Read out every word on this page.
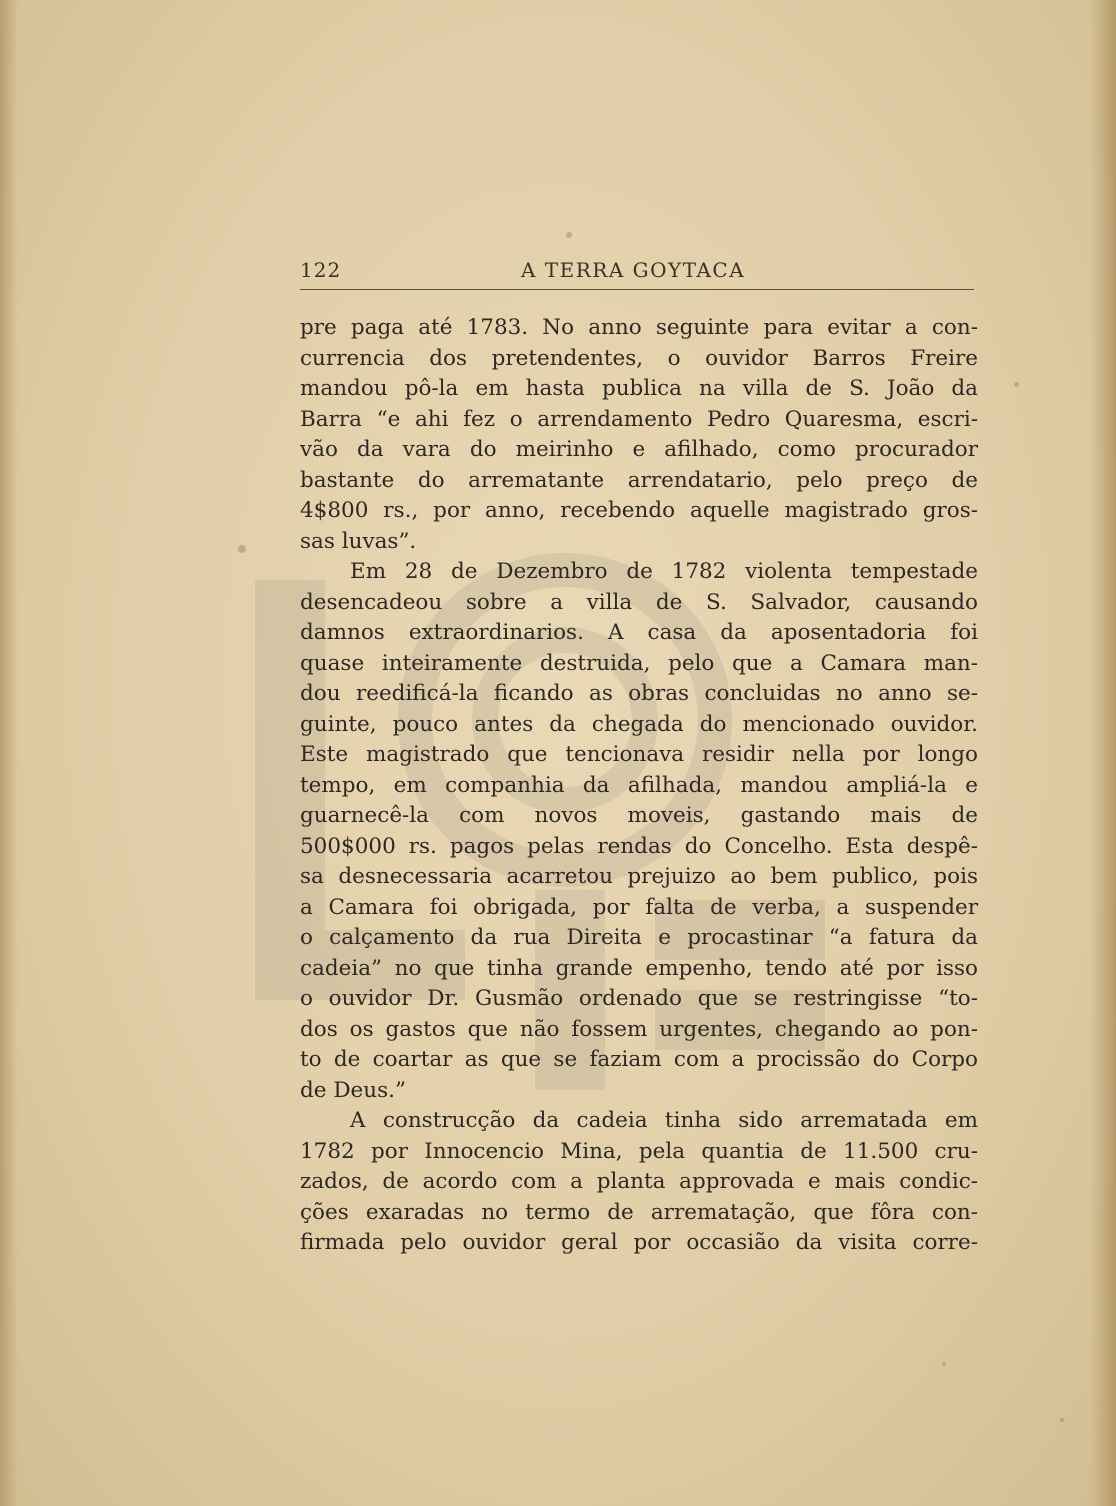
122	A TERRA GOYTACA
pre paga até 1783. No anno seguinte para evitar a con-
currencia dos pretendentes, o ouvidor Barros Freire
mandou pô-la em hasta publica na villa de S. João da
Barra “e ahi fez o arrendamento Pedro Quaresma, escri-
vão da vara do meirinho e afilhado, como procurador
bastante do arrematante arrendatario, pelo preço de
4$800 rs., por anno, recebendo aquelle magistrado gros-
sas luvas”.
Em 28 de Dezembro de 1782 violenta tempestade
desencadeou sobre a villa de S. Salvador, causando
damnos extraordinarios. A casa da aposentadoria foi
quase inteiramente destruida, pelo que a Camara man-
dou reedificá-la ficando as obras concluidas no anno se-
guinte, pouco antes da chegada do mencionado ouvidor.
Este magistrado que tencionava residir nella por longo
tempo, em companhia da afilhada, mandou ampliá-la e
guarnecê-la com novos moveis, gastando mais de
500$000 rs. pagos pelas rendas do Concelho. Esta despê-
sa desnecessaria acarretou prejuizo ao bem publico, pois
a Camara foi obrigada, por falta de verba, a suspender
o calçamento da rua Direita e procastinar “a fatura da
cadeia” no que tinha grande empenho, tendo até por isso
o ouvidor Dr. Gusmão ordenado que se restringisse “to-
dos os gastos que não fossem urgentes, chegando ao pon-
to de coartar as que se faziam com a procissão do Corpo
de Deus.”
A construcção da cadeia tinha sido arrematada em
1782 por Innocencio Mina, pela quantia de 11.500 cru-
zados, de acordo com a planta approvada e mais condic-
ções exaradas no termo de arrematação, que fôra con-
firmada pelo ouvidor geral por occasião da visita corre-
